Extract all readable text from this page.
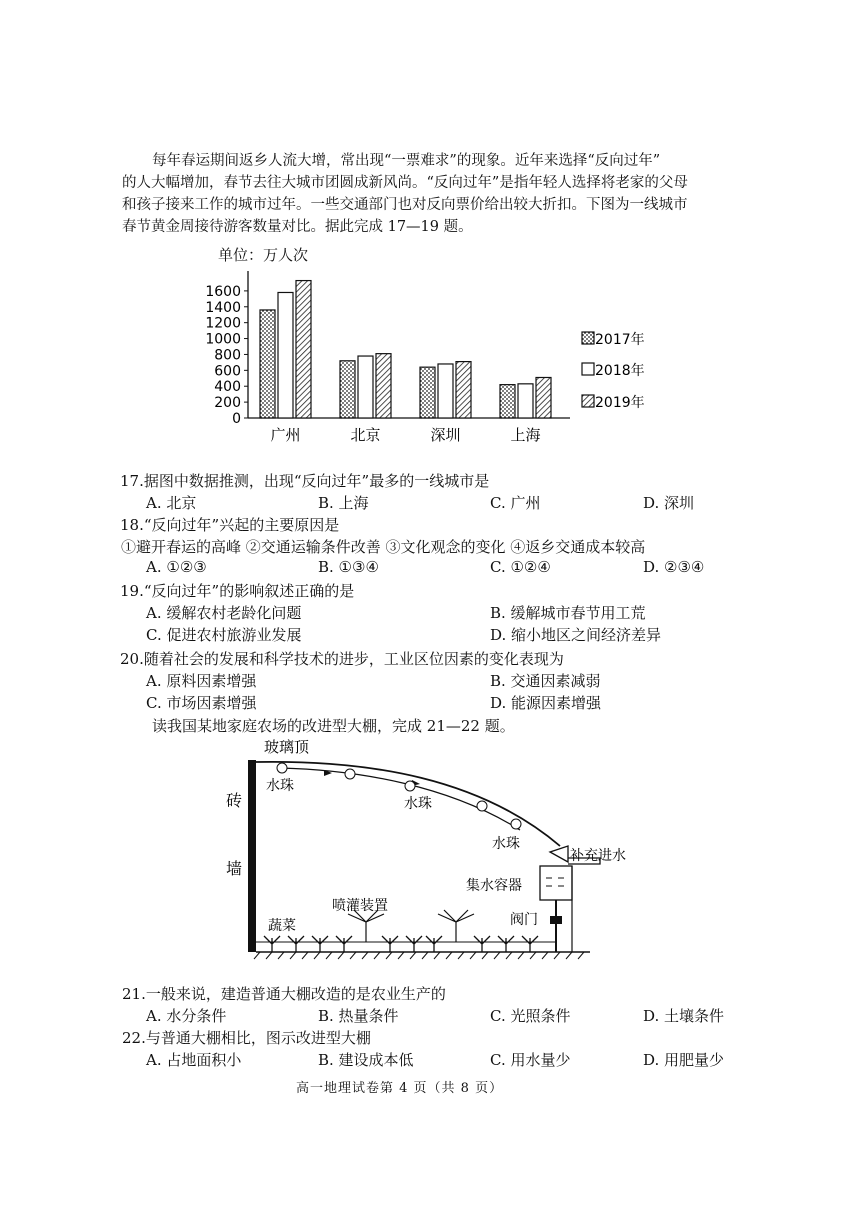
每年春运期间返乡人流大增，常出现“一票难求”的现象。近年来选择“反向过年”
的人大幅增加，春节去往大城市团圆成新风尚。“反向过年”是指年轻人选择将老家的父母
和孩子接来工作的城市过年。一些交通部门也对反向票价给出较大折扣。下图为一线城市
春节黄金周接待游客数量对比。据此完成 17—19 题。
单位：万人次
0
200
400
600
800
1000
1200
1400
1600
广州	北京	深圳	上海
2017年
2018年
2019年
17.据图中数据推测，出现“反向过年”最多的一线城市是
A. 北京	B. 上海	C. 广州	D. 深圳
18.“反向过年”兴起的主要原因是
①避开春运的高峰 ②交通运输条件改善 ③文化观念的变化 ④返乡交通成本较高
A. ①②③	B. ①③④	C. ①②④	D. ②③④
19.“反向过年”的影响叙述正确的是
A. 缓解农村老龄化问题	B. 缓解城市春节用工荒
C. 促进农村旅游业发展	D. 缩小地区之间经济差异
20.随着社会的发展和科学技术的进步，工业区位因素的变化表现为
A. 原料因素增强	B. 交通因素减弱
C. 市场因素增强	D. 能源因素增强
读我国某地家庭农场的改进型大棚，完成 21—22 题。
玻璃顶
砖
墙
水珠
水珠
水珠
补充进水
集水容器
喷灌装置
阀门
蔬菜
21.一般来说，建造普通大棚改造的是农业生产的
A. 水分条件	B. 热量条件	C. 光照条件	D. 土壤条件
22.与普通大棚相比，图示改进型大棚
A. 占地面积小	B. 建设成本低	C. 用水量少	D. 用肥量少
高一地理试卷第 4 页（共 8 页）
